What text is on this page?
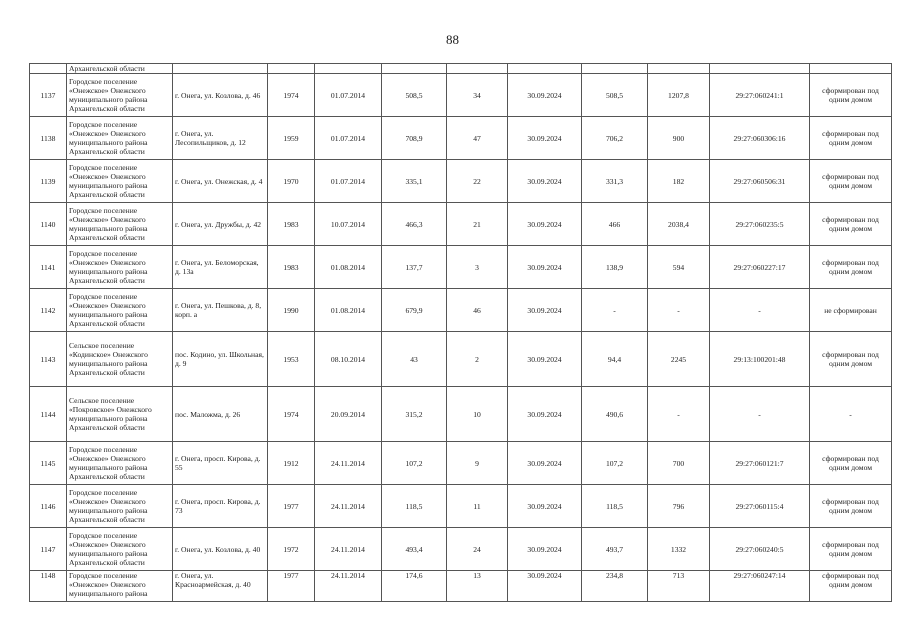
88
	Архангельской области										
1137	Городское поселение «Онежское» Онежского муниципального района Архангельской области	г. Онега, ул. Козлова, д. 46	1974	01.07.2014	508,5	34	30.09.2024	508,5	1207,8	29:27:060241:1	сформирован под одним домом
1138	Городское поселение «Онежское» Онежского муниципального района Архангельской области	г. Онега, ул. Лесопильщиков, д. 12	1959	01.07.2014	708,9	47	30.09.2024	706,2	900	29:27:060306:16	сформирован под одним домом
1139	Городское поселение «Онежское» Онежского муниципального района Архангельской области	г. Онега, ул. Онежская, д. 4	1970	01.07.2014	335,1	22	30.09.2024	331,3	182	29:27:060506:31	сформирован под одним домом
1140	Городское поселение «Онежское» Онежского муниципального района Архангельской области	г. Онега, ул. Дружбы, д. 42	1983	10.07.2014	466,3	21	30.09.2024	466	2038,4	29:27:060235:5	сформирован под одним домом
1141	Городское поселение «Онежское» Онежского муниципального района Архангельской области	г. Онега, ул. Беломорская, д. 13а	1983	01.08.2014	137,7	3	30.09.2024	138,9	594	29:27:060227:17	сформирован под одним домом
1142	Городское поселение «Онежское» Онежского муниципального района Архангельской области	г. Онега, ул. Пешкова, д. 8, корп. а	1990	01.08.2014	679,9	46	30.09.2024	-	-	-	не сформирован
1143	Сельское поселение «Кодинское» Онежского муниципального района Архангельской области	пос. Кодино, ул. Школьная, д. 9	1953	08.10.2014	43	2	30.09.2024	94,4	2245	29:13:100201:48	сформирован под одним домом
1144	Сельское поселение «Покровское» Онежского муниципального района Архангельской области	пос. Маложма, д. 26	1974	20.09.2014	315,2	10	30.09.2024	490,6	-	-	-
1145	Городское поселение «Онежское» Онежского муниципального района Архангельской области	г. Онега, просп. Кирова, д. 55	1912	24.11.2014	107,2	9	30.09.2024	107,2	700	29:27:060121:7	сформирован под одним домом
1146	Городское поселение «Онежское» Онежского муниципального района Архангельской области	г. Онега, просп. Кирова, д. 73	1977	24.11.2014	118,5	11	30.09.2024	118,5	796	29:27:060115:4	сформирован под одним домом
1147	Городское поселение «Онежское» Онежского муниципального района Архангельской области	г. Онега, ул. Козлова, д. 40	1972	24.11.2014	493,4	24	30.09.2024	493,7	1332	29:27:060240:5	сформирован под одним домом
1148	Городское поселение «Онежское» Онежского муниципального района	г. Онега, ул. Красноармейская, д. 40	1977	24.11.2014	174,6	13	30.09.2024	234,8	713	29:27:060247:14	сформирован под одним домом
